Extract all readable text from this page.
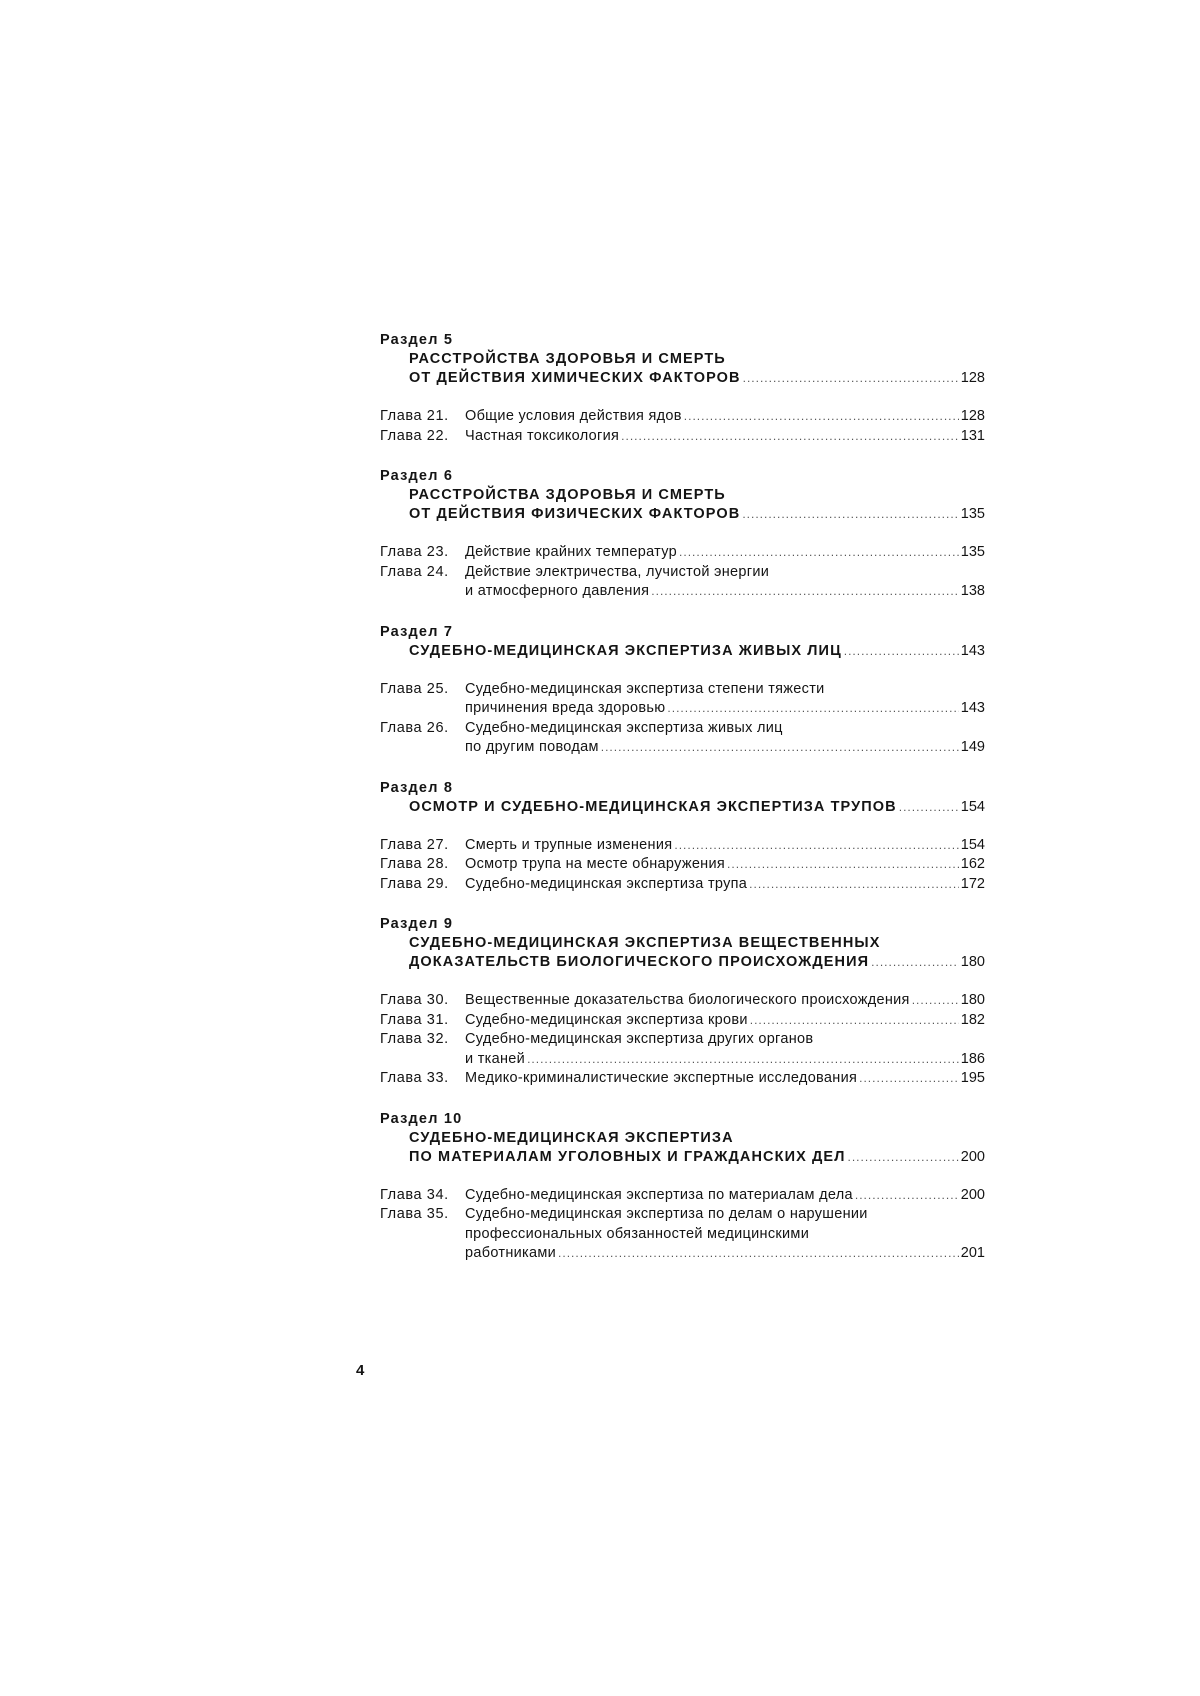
Раздел 5
РАССТРОЙСТВА ЗДОРОВЬЯ И СМЕРТЬ
ОТ ДЕЙСТВИЯ ХИМИЧЕСКИХ ФАКТОРОВ .....	128
Глава 21.	Общие условия действия ядов .....	128
Глава 22.	Частная токсикология .....	131
Раздел 6
РАССТРОЙСТВА ЗДОРОВЬЯ И СМЕРТЬ
ОТ ДЕЙСТВИЯ ФИЗИЧЕСКИХ ФАКТОРОВ .....	135
Глава 23.	Действие крайних температур .....	135
Глава 24.	Действие электричества, лучистой энергии
и атмосферного давления .....	138
Раздел 7
СУДЕБНО-МЕДИЦИНСКАЯ ЭКСПЕРТИЗА ЖИВЫХ ЛИЦ .....	143
Глава 25.	Судебно-медицинская экспертиза степени тяжести
причинения вреда здоровью .....	143
Глава 26.	Судебно-медицинская экспертиза живых лиц
по другим поводам .....	149
Раздел 8
ОСМОТР И СУДЕБНО-МЕДИЦИНСКАЯ ЭКСПЕРТИЗА ТРУПОВ .....	154
Глава 27.	Смерть и трупные изменения .....	154
Глава 28.	Осмотр трупа на месте обнаружения .....	162
Глава 29.	Судебно-медицинская экспертиза трупа .....	172
Раздел 9
СУДЕБНО-МЕДИЦИНСКАЯ ЭКСПЕРТИЗА ВЕЩЕСТВЕННЫХ
ДОКАЗАТЕЛЬСТВ БИОЛОГИЧЕСКОГО ПРОИСХОЖДЕНИЯ .....	180
Глава 30.	Вещественные доказательства биологического происхождения .....	180
Глава 31.	Судебно-медицинская экспертиза крови .....	182
Глава 32.	Судебно-медицинская экспертиза других органов
и тканей .....	186
Глава 33.	Медико-криминалистические экспертные исследования .....	195
Раздел 10
СУДЕБНО-МЕДИЦИНСКАЯ ЭКСПЕРТИЗА
ПО МАТЕРИАЛАМ УГОЛОВНЫХ И ГРАЖДАНСКИХ ДЕЛ .....	200
Глава 34.	Судебно-медицинская экспертиза по материалам дела .....	200
Глава 35.	Судебно-медицинская экспертиза по делам о нарушении
профессиональных обязанностей медицинскими
работниками .....	201
4
